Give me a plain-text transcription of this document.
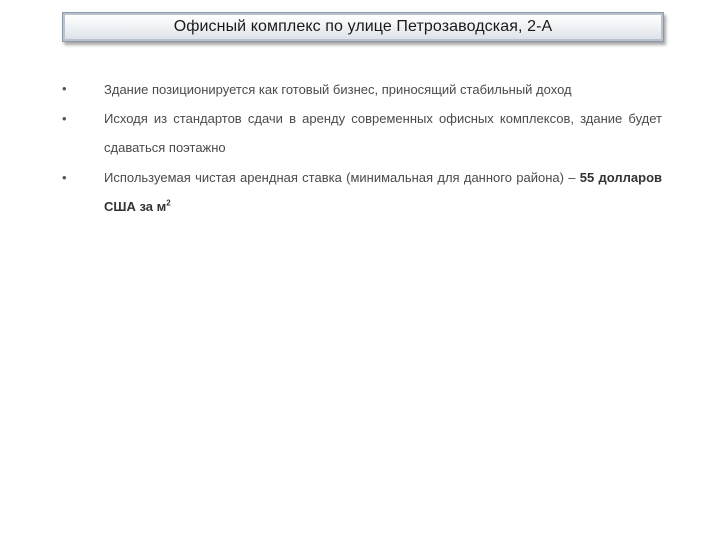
Офисный комплекс по улице Петрозаводская, 2-А
•	Здание позиционируется как готовый бизнес, приносящий стабильный доход
•	Исходя из стандартов сдачи в аренду современных офисных комплексов, здание будет сдаваться поэтажно
•	Используемая чистая арендная ставка (минимальная для данного района) – 55 долларов США за $м^2$
